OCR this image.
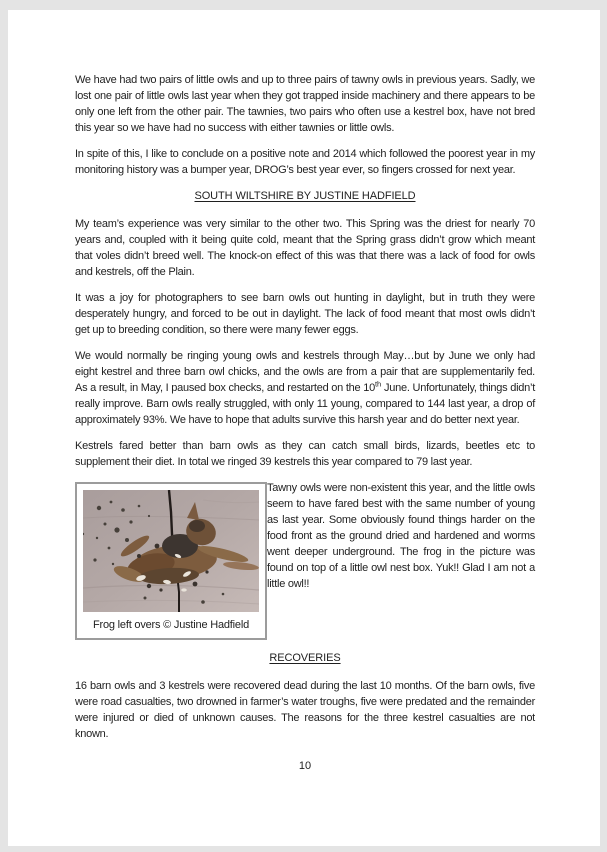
We have had two pairs of little owls and up to three pairs of tawny owls in previous years. Sadly, we lost one pair of little owls last year when they got trapped inside machinery and there appears to be only one left from the other pair. The tawnies, two pairs who often use a kestrel box, have not bred this year so we have had no success with either tawnies or little owls.

In spite of this, I like to conclude on a positive note and 2014 which followed the poorest year in my monitoring history was a bumper year, DROG’s best year ever, so fingers crossed for next year.

SOUTH WILTSHIRE BY JUSTINE HADFIELD

My team’s experience was very similar to the other two. This Spring was the driest for nearly 70 years and, coupled with it being quite cold, meant that the Spring grass didn’t grow which meant that voles didn’t breed well. The knock-on effect of this was that there was a lack of food for owls and kestrels, off the Plain.

It was a joy for photographers to see barn owls out hunting in daylight, but in truth they were desperately hungry, and forced to be out in daylight. The lack of food meant that most owls didn’t get up to breeding condition, so there were many fewer eggs.

We would normally be ringing young owls and kestrels through May…but by June we only had eight kestrel and three barn owl chicks, and the owls are from a pair that are supplementarily fed. As a result, in May, I paused box checks, and restarted on the 10th June. Unfortunately, things didn’t really improve. Barn owls really struggled, with only 11 young, compared to 144 last year, a drop of approximately 93%. We have to hope that adults survive this harsh year and do better next year.

Kestrels fared better than barn owls as they can catch small birds, lizards, beetles etc to supplement their diet. In total we ringed 39 kestrels this year compared to 79 last year.

Frog left overs © Justine Hadfield

Tawny owls were non-existent this year, and the little owls seem to have fared best with the same number of young as last year. Some obviously found things harder on the food front as the ground dried and hardened and worms went deeper underground. The frog in the picture was found on top of a little owl nest box. Yuk!! Glad I am not a little owl!!

RECOVERIES

16 barn owls and 3 kestrels were recovered dead during the last 10 months. Of the barn owls, five were road casualties, two drowned in farmer’s water troughs, five were predated and the remainder were injured or died of unknown causes. The reasons for the three kestrel casualties are not known.

10
